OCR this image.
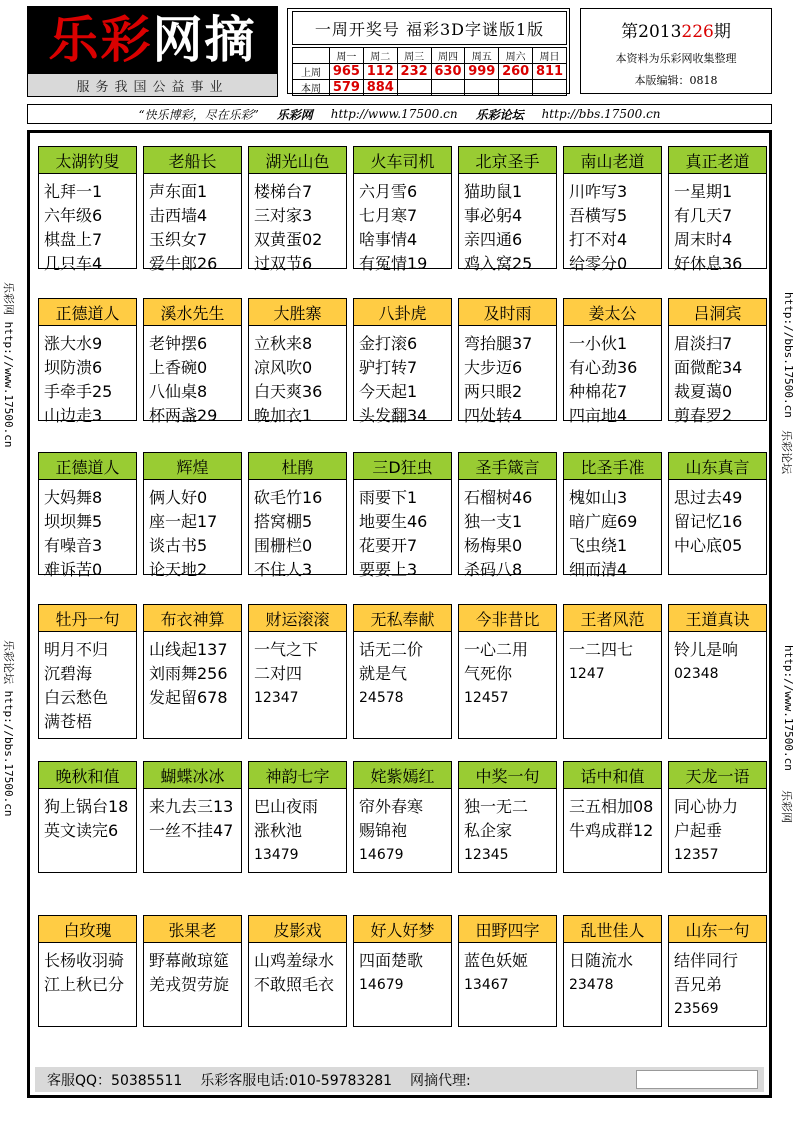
乐彩网摘
服务我国公益事业
一周开奖号 福彩3D字谜版1版
	周一	周二	周三	周四	周五	周六	周日
上周	965	112	232	630	999	260	811
本周	579	884					
第2013226期
本资料为乐彩网收集整理
本版编辑：0818
“快乐博彩，尽在乐彩” 乐彩网 http://www.17500.cn 乐彩论坛 http://bbs.17500.cn
乐彩网 http://www.17500.cn
乐彩论坛 http://bbs.17500.cn
http://bbs.17500.cn
乐彩论坛
http://www.17500.cn
乐彩网
太湖钓叟
礼拜一1
六年级6
棋盘上7
几只车4
老船长
声东面1
击西墙4
玉织女7
爱牛郎26
湖光山色
楼梯台7
三对家3
双黄蛋02
过双节6
火车司机
六月雪6
七月寒7
啥事情4
有冤情19
北京圣手
猫助鼠1
事必躬4
亲四通6
鸡入窝25
南山老道
川咋写3
吾横写5
打不对4
给零分0
真正老道
一星期1
有几天7
周末时4
好休息36
正德道人
涨大水9
坝防溃6
手牵手25
山边走3
溪水先生
老钟摆6
上香碗0
八仙桌8
杯两盏29
大胜寨
立秋来8
凉风吹0
白天爽36
晚加衣1
八卦虎
金打滚6
驴打转7
今天起1
头发翻34
及时雨
弯抬腿37
大步迈6
两只眼2
四处转4
姜太公
一小伙1
有心劲36
种棉花7
四亩地4
吕洞宾
眉淡扫7
面微酡34
裁夏蔼0
剪春罗2
正德道人
大妈舞8
坝坝舞5
有噪音3
难诉苦0
辉煌
俩人好0
座一起17
谈古书5
论天地2
杜鹃
砍毛竹16
搭窝棚5
围栅栏0
不住人3
三D狂虫
雨要下1
地要生46
花要开7
要要上3
圣手箴言
石榴树46
独一支1
杨梅果0
杀码八8
比圣手准
槐如山3
暗广庭69
飞虫绕1
细而清4
山东真言
思过去49
留记忆16
中心底05
牡丹一句
明月不归
沉碧海
白云愁色
满苍梧
布衣神算
山线起137
刘雨舞256
发起留678
财运滚滚
一气之下
二对四
12347
无私奉献
话无二价
就是气
24578
今非昔比
一心二用
气死你
12457
王者风范
一二四七
1247
王道真诀
铃儿是响
02348
晚秋和值
狗上锅台18
英文读完6
蝴蝶冰冰
来九去三13
一丝不挂47
神韵七字
巴山夜雨
涨秋池
13479
姹紫嫣红
帘外春寒
赐锦袍
14679
中奖一句
独一无二
私企家
12345
话中和值
三五相加08
牛鸡成群12
天龙一语
同心协力
户起垂
12357
白玫瑰
长杨收羽骑
江上秋已分
张果老
野幕敞琼筵
羌戎贺劳旋
皮影戏
山鸡羞绿水
不敢照毛衣
好人好梦
四面楚歌
14679
田野四字
蓝色妖姬
13467
乱世佳人
日随流水
23478
山东一句
结伴同行
吾兄弟
23569
客服QQ：50385511 乐彩客服电话:010-59783281 网摘代理:
